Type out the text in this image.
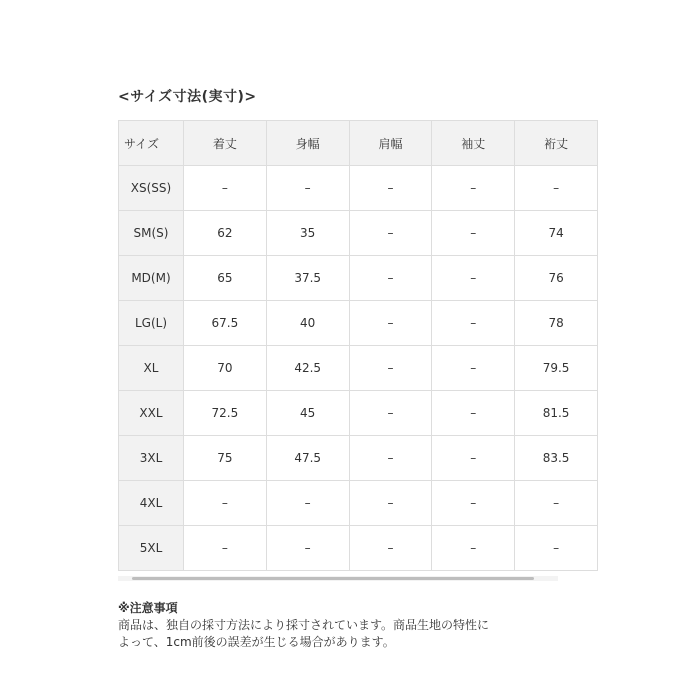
<サイズ寸法(実寸)>
サイズ	着丈	身幅	肩幅	袖丈	裄丈
XS(SS)	–	–	–	–	–
SM(S)	62	35	–	–	74
MD(M)	65	37.5	–	–	76
LG(L)	67.5	40	–	–	78
XL	70	42.5	–	–	79.5
XXL	72.5	45	–	–	81.5
3XL	75	47.5	–	–	83.5
4XL	–	–	–	–	–
5XL	–	–	–	–	–
※注意事項
商品は、独自の採寸方法により採寸されています。商品生地の特性に
よって、1cm前後の誤差が生じる場合があります。
